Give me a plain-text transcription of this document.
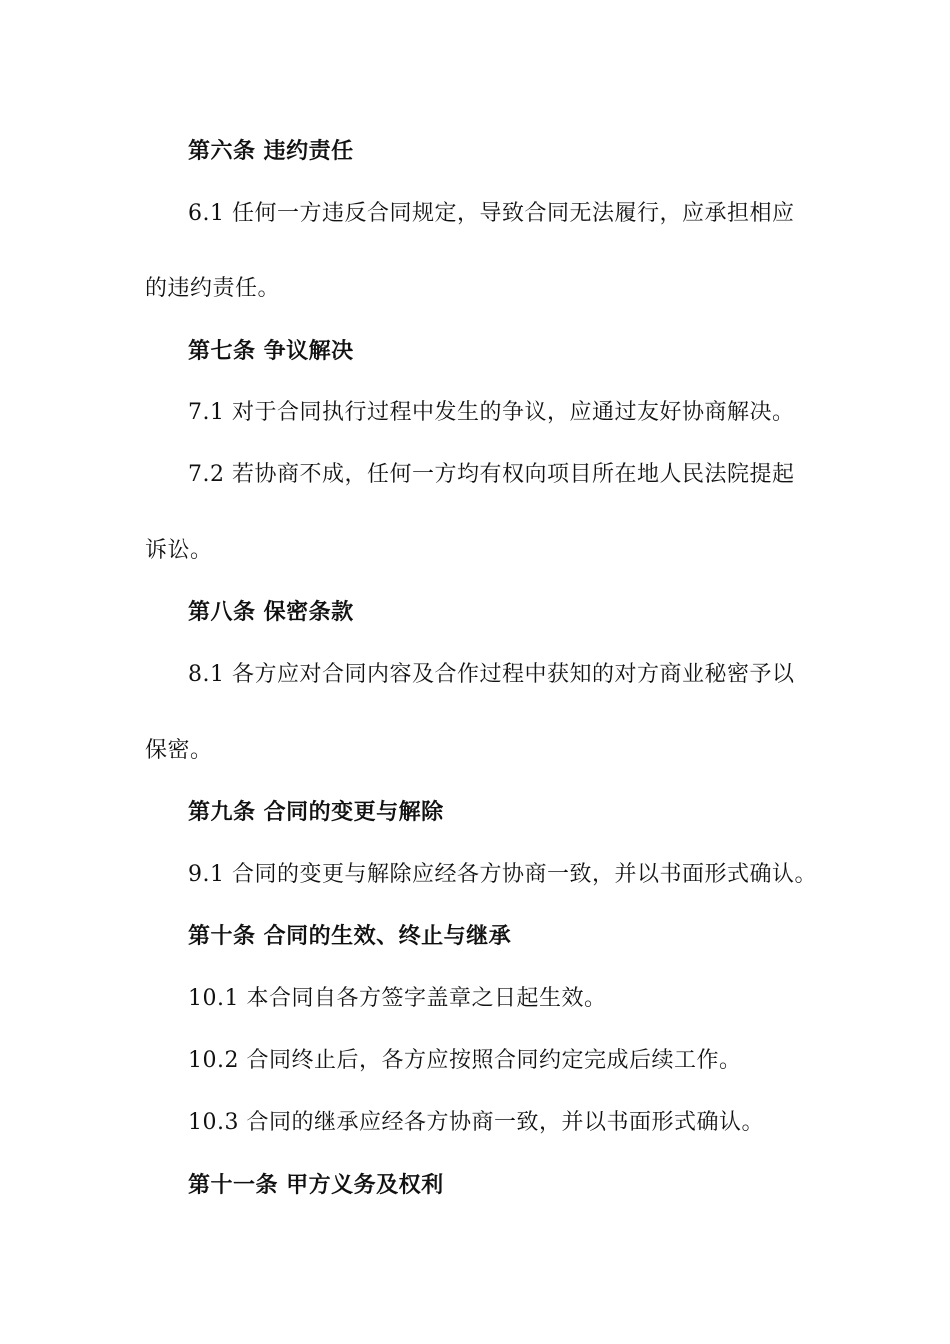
第六条 违约责任
6.1 任何一方违反合同规定，导致合同无法履行，应承担相应
的违约责任。
第七条 争议解决
7.1 对于合同执行过程中发生的争议，应通过友好协商解决。
7.2 若协商不成，任何一方均有权向项目所在地人民法院提起
诉讼。
第八条 保密条款
8.1 各方应对合同内容及合作过程中获知的对方商业秘密予以
保密。
第九条 合同的变更与解除
9.1 合同的变更与解除应经各方协商一致，并以书面形式确认。
第十条 合同的生效、终止与继承
10.1 本合同自各方签字盖章之日起生效。
10.2 合同终止后，各方应按照合同约定完成后续工作。
10.3 合同的继承应经各方协商一致，并以书面形式确认。
第十一条 甲方义务及权利
